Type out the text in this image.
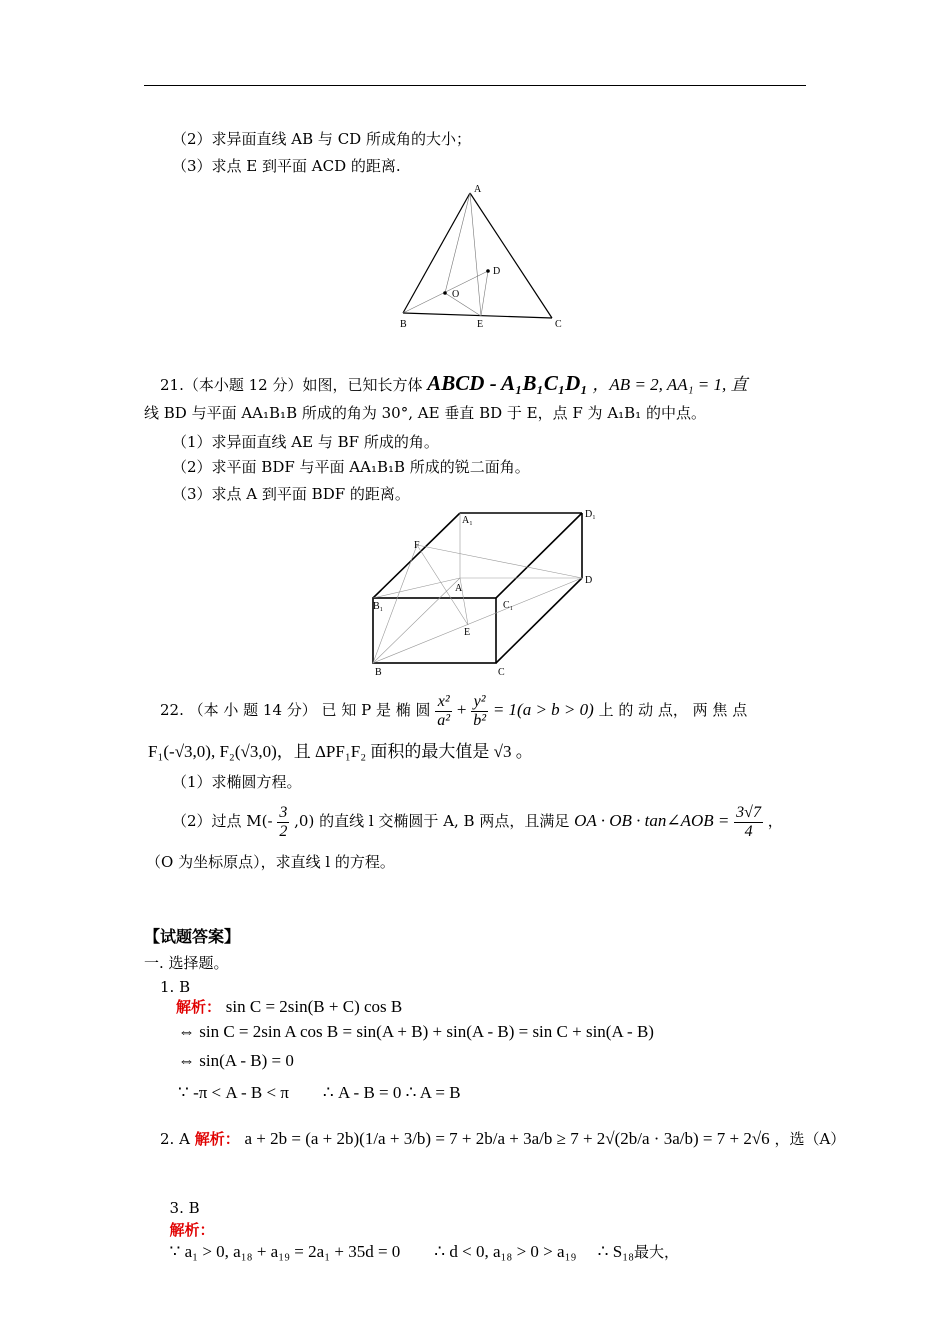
（2）求异面直线 AB 与 CD 所成角的大小；
（3）求点 E 到平面 ACD 的距离.
A
D
O
B	E	C
21.（本小题 12 分）如图，已知长方体 ABCD - A₁B₁C₁D₁ ，AB = 2, AA₁ = 1, 直
线 BD 与平面 AA₁B₁B 所成的角为 30°, AE 垂直 BD 于 E，点 F 为 A₁B₁ 的中点。
（1）求异面直线 AE 与 BF 所成的角。
（2）求平面 BDF 与平面 AA₁B₁B 所成的锐二面角。
（3）求点 A 到平面 BDF 的距离。
A₁
D₁
F
D
A
B₁	C₁
E
B	C
22. （本 小 题 14 分） 已 知 P 是 椭 圆 $\frac{\text{x²}}{\text{a²}} + \frac{\text{y²}}{\text{b²}} = 1(a > b > 0)$ 上 的 动 点， 两 焦 点
F₁(-√3,0), F₂(√3,0)，且 ΔPF₁F₂ 面积的最大值是 √3 。
（1）求椭圆方程。
（2）过点 $M(- \frac{3}{2} ,0)$ 的直线 l 交椭圆于 A, B 两点，且满足 OA · OB · tan∠AOB = $\frac{3√7}{4}$ ，
（O 为坐标原点），求直线 l 的方程。
【试题答案】
一. 选择题。
1. B
解析： sin C = 2sin(B + C) cos B
⇔ sin C = 2sin A cos B = sin(A + B) + sin(A - B) = sin C + sin(A - B)
⇔ sin(A - B) = 0
∵ -π < A - B < π        ∴ A - B = 0 ∴ A = B
2. A 解析： a + 2b = (a + 2b)(1/a + 3/b) = 7 + 2b/a + 3a/b ≥ 7 + 2√(2b/a · 3a/b) = 7 + 2√6 ，选（A）

3. B
解析：
∵ a₁ > 0, a₁₈ + a₁₉ = 2a₁ + 35d = 0        ∴ d < 0, a₁₈ > 0 > a₁₉     ∴ S₁₈最大，
